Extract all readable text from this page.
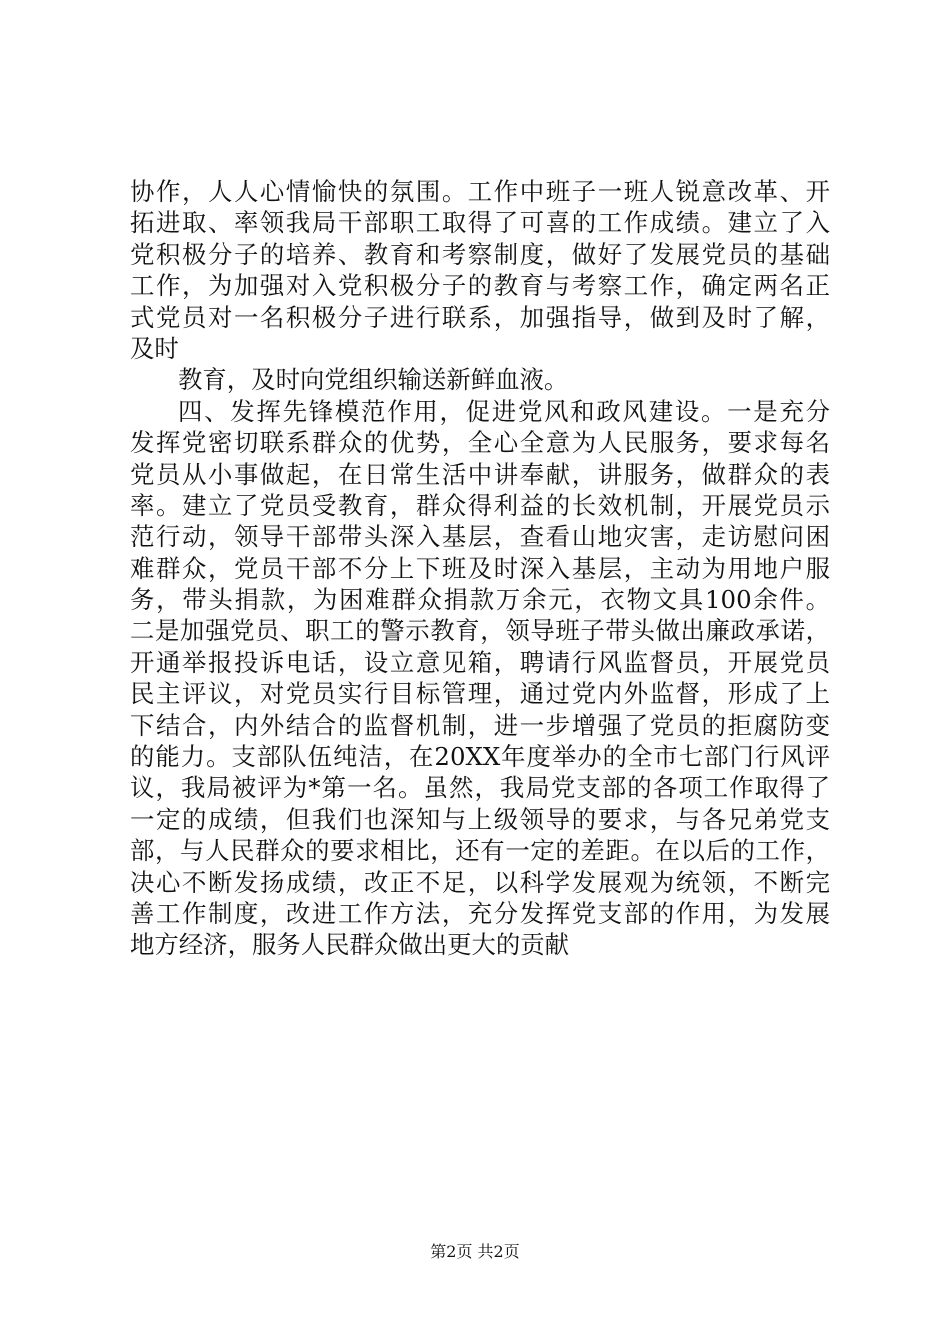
协作，人人心情愉快的氛围。工作中班子一班人锐意改革、开
拓进取、率领我局干部职工取得了可喜的工作成绩。建立了入
党积极分子的培养、教育和考察制度，做好了发展党员的基础
工作，为加强对入党积极分子的教育与考察工作，确定两名正
式党员对一名积极分子进行联系，加强指导，做到及时了解，
及时
教育，及时向党组织输送新鲜血液。
四、发挥先锋模范作用，促进党风和政风建设。一是充分
发挥党密切联系群众的优势，全心全意为人民服务，要求每名
党员从小事做起，在日常生活中讲奉献，讲服务，做群众的表
率。建立了党员受教育，群众得利益的长效机制，开展党员示
范行动，领导干部带头深入基层，查看山地灾害，走访慰问困
难群众，党员干部不分上下班及时深入基层，主动为用地户服
务，带头捐款，为困难群众捐款万余元，衣物文具100余件。
二是加强党员、职工的警示教育，领导班子带头做出廉政承诺，
开通举报投诉电话，设立意见箱，聘请行风监督员，开展党员
民主评议，对党员实行目标管理，通过党内外监督，形成了上
下结合，内外结合的监督机制，进一步增强了党员的拒腐防变
的能力。支部队伍纯洁，在20XX年度举办的全市七部门行风评
议，我局被评为*第一名。虽然，我局党支部的各项工作取得了
一定的成绩，但我们也深知与上级领导的要求，与各兄弟党支
部，与人民群众的要求相比，还有一定的差距。在以后的工作，
决心不断发扬成绩，改正不足，以科学发展观为统领，不断完
善工作制度，改进工作方法，充分发挥党支部的作用，为发展
地方经济，服务人民群众做出更大的贡献
第2页 共2页
